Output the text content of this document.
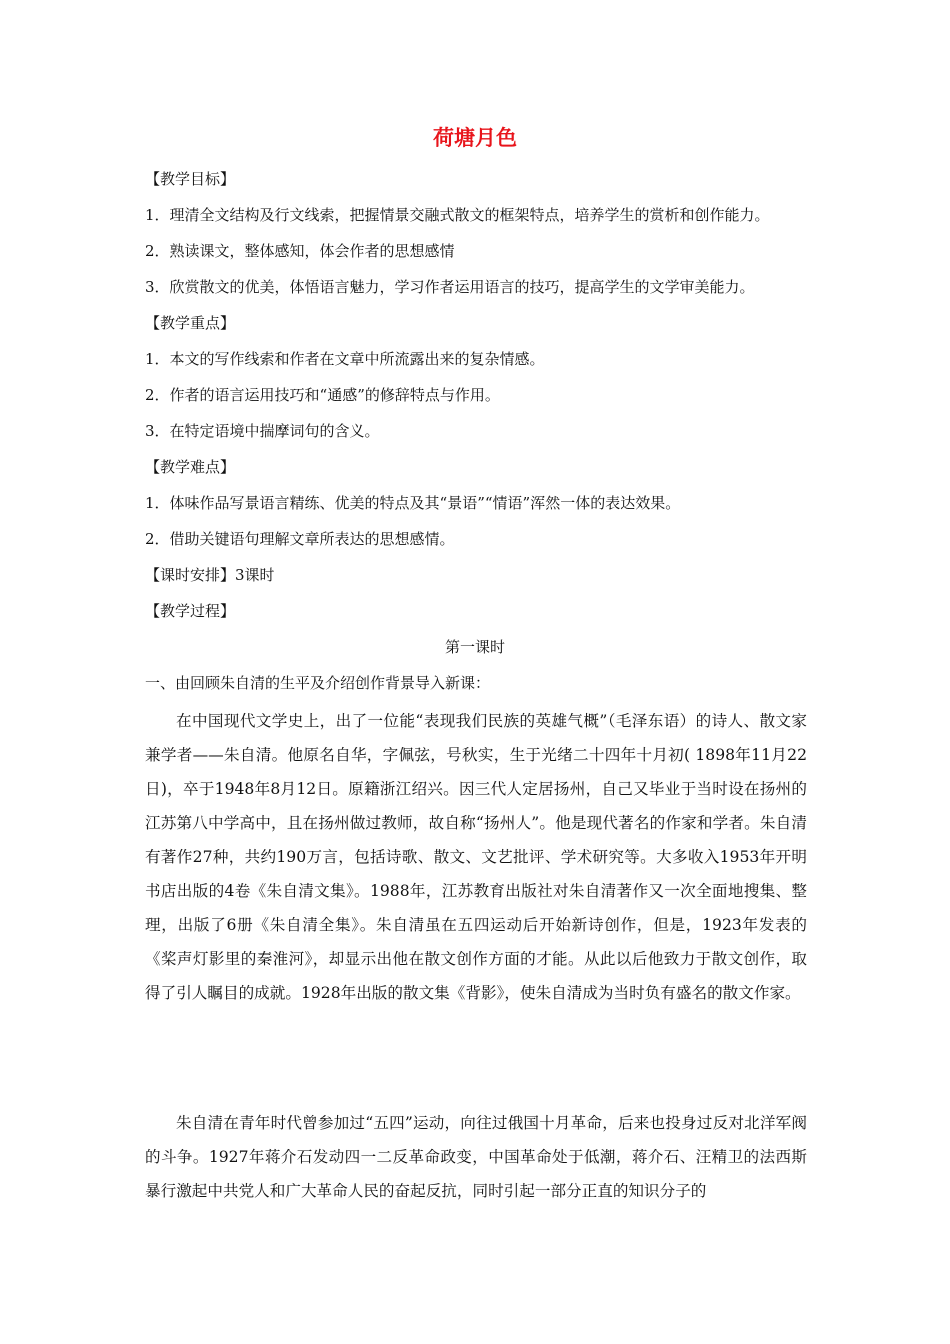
荷塘月色

【教学目标】

1．理清全文结构及行文线索，把握情景交融式散文的框架特点，培养学生的赏析和创作能力。

2．熟读课文，整体感知，体会作者的思想感情

3．欣赏散文的优美，体悟语言魅力，学习作者运用语言的技巧，提高学生的文学审美能力。

【教学重点】

1．本文的写作线索和作者在文章中所流露出来的复杂情感。

2．作者的语言运用技巧和“通感”的修辞特点与作用。

3．在特定语境中揣摩词句的含义。

【教学难点】

1．体味作品写景语言精练、优美的特点及其“景语”“情语”浑然一体的表达效果。

2．借助关键语句理解文章所表达的思想感情。

【课时安排】3课时

【教学过程】

第一课时

一、由回顾朱自清的生平及介绍创作背景导入新课：

在中国现代文学史上，出了一位能“表现我们民族的英雄气概”（毛泽东语）的诗人、散文家兼学者——朱自清。他原名自华，字佩弦，号秋实，生于光绪二十四年十月初( 1898年11月22日)，卒于1948年8月12日。原籍浙江绍兴。因三代人定居扬州，自己又毕业于当时设在扬州的江苏第八中学高中，且在扬州做过教师，故自称“扬州人”。他是现代著名的作家和学者。朱自清有著作27种，共约190万言，包括诗歌、散文、文艺批评、学术研究等。大多收入1953年开明书店出版的4卷《朱自清文集》。1988年，江苏教育出版社对朱自清著作又一次全面地搜集、整理，出版了6册《朱自清全集》。朱自清虽在五四运动后开始新诗创作，但是，1923年发表的《桨声灯影里的秦淮河》，却显示出他在散文创作方面的才能。从此以后他致力于散文创作，取得了引人瞩目的成就。1928年出版的散文集《背影》，使朱自清成为当时负有盛名的散文作家。

朱自清在青年时代曾参加过“五四”运动，向往过俄国十月革命，后来也投身过反对北洋军阀的斗争。1927年蒋介石发动四一二反革命政变，中国革命处于低潮，蒋介石、汪精卫的法西斯暴行激起中共党人和广大革命人民的奋起反抗，同时引起一部分正直的知识分子的
